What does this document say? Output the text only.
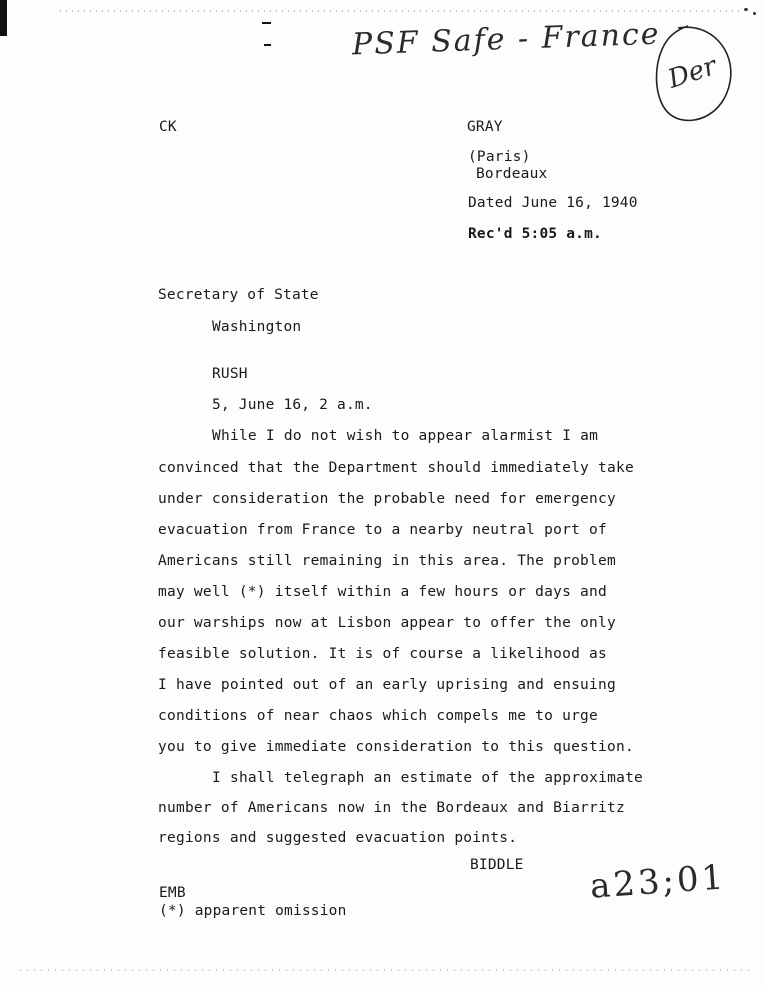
PSF Safe - France
Der
CK	GRAY
(Paris)
Bordeaux
Dated June 16, 1940
Rec'd 5:05 a.m.
Secretary of State
Washington
RUSH
5, June 16, 2 a.m.
While I do not wish to appear alarmist I am
convinced that the Department should immediately take
under consideration the probable need for emergency
evacuation from France to a nearby neutral port of
Americans still remaining in this area. The problem
may well (*) itself within a few hours or days and
our warships now at Lisbon appear to offer the only
feasible solution. It is of course a likelihood as
I have pointed out of an early uprising and ensuing
conditions of near chaos which compels me to urge
you to give immediate consideration to this question.
I shall telegraph an estimate of the approximate
number of Americans now in the Bordeaux and Biarritz
regions and suggested evacuation points.
BIDDLE a23;01
EMB
(*) apparent omission
